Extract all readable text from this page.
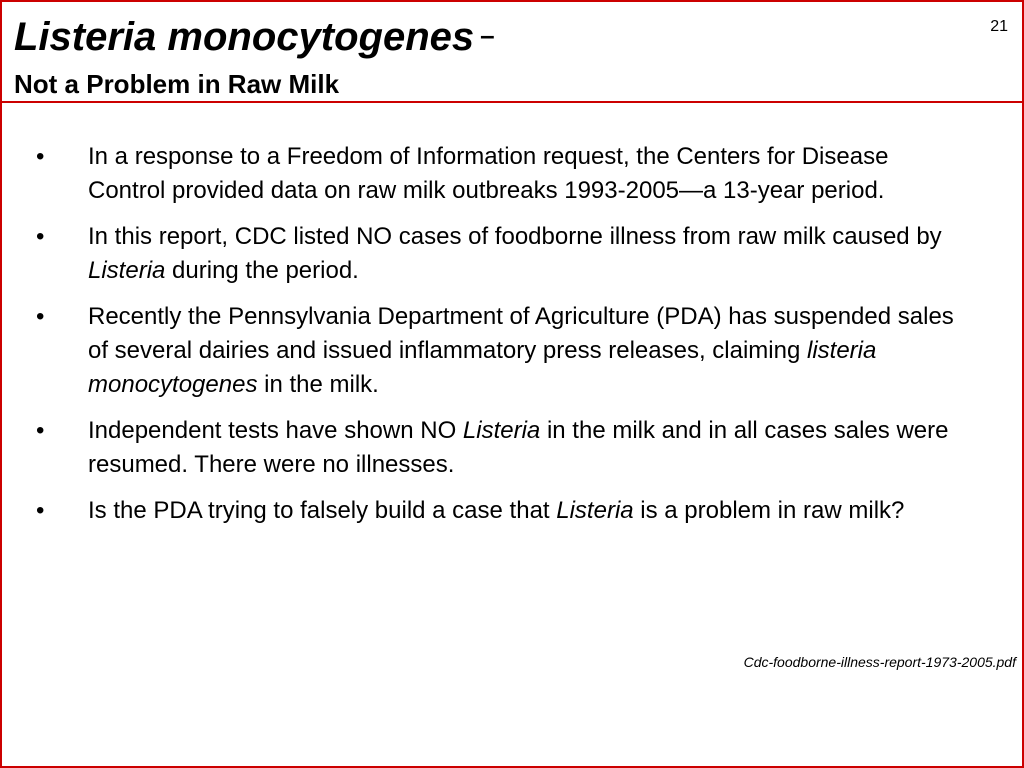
Listeria monocytogenes –
Not a Problem in Raw Milk
21
• In a response to a Freedom of Information request, the Centers for Disease Control provided data on raw milk outbreaks 1993-2005—a 13-year period.
• In this report, CDC listed NO cases of foodborne illness from raw milk caused by Listeria during the period.
• Recently the Pennsylvania Department of Agriculture (PDA) has suspended sales of several dairies and issued inflammatory press releases, claiming listeria monocytogenes in the milk.
• Independent tests have shown NO Listeria in the milk and in all cases sales were resumed. There were no illnesses.
• Is the PDA trying to falsely build a case that Listeria is a problem in raw milk?
Cdc-foodborne-illness-report-1973-2005.pdf
